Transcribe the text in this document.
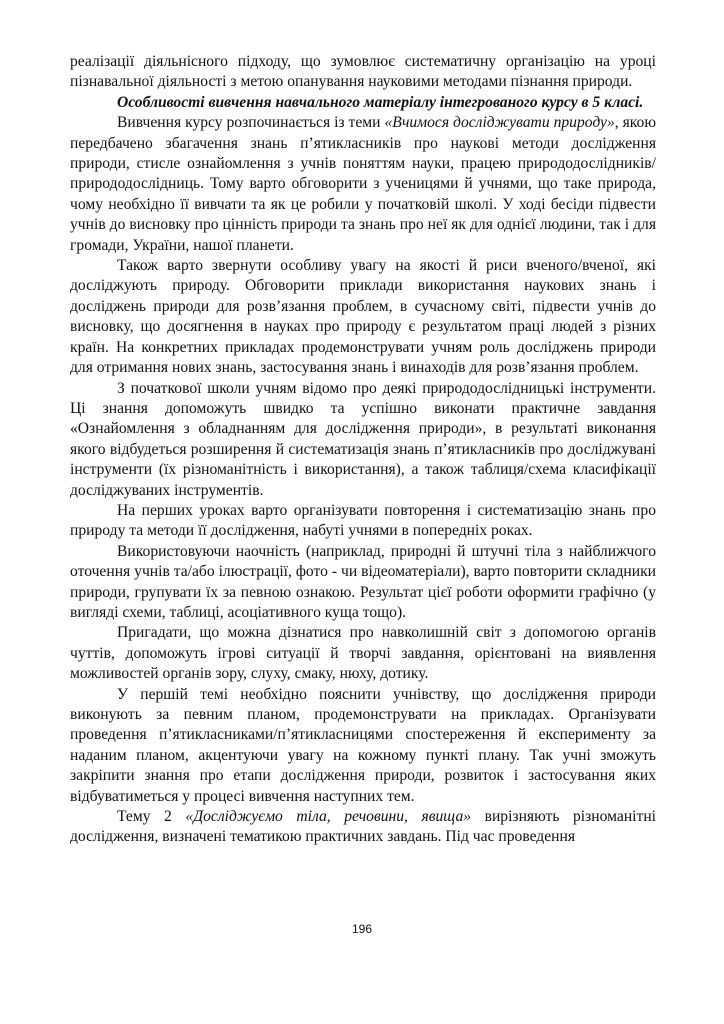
реалізації діяльнісного підходу, що зумовлює систематичну організацію на уроці пізнавальної діяльності з метою опанування науковими методами пізнання природи.

Особливості вивчення навчального матеріалу інтегрованого курсу в 5 класі.

Вивчення курсу розпочинається із теми «Вчимося досліджувати природу», якою передбачено збагачення знань п’ятикласників про наукові методи дослідження природи, стисле ознайомлення з учнів поняттям науки, працею природодослідників/природодослідниць. Тому варто обговорити з ученицями й учнями, що таке природа, чому необхідно її вивчати та як це робили у початковій школі. У ході бесіди підвести учнів до висновку про цінність природи та знань про неї як для однієї людини, так і для громади, України, нашої планети.

Також варто звернути особливу увагу на якості й риси вченого/вченої, які досліджують природу. Обговорити приклади використання наукових знань і досліджень природи для розв’язання проблем, в сучасному світі, підвести учнів до висновку, що досягнення в науках про природу є результатом праці людей з різних країн. На конкретних прикладах продемонструвати учням роль досліджень природи для отримання нових знань, застосування знань і винаходів для розв’язання проблем.

З початкової школи учням відомо про деякі природодослідницькі інструменти. Ці знання допоможуть швидко та успішно виконати практичне завдання «Ознайомлення з обладнанням для дослідження природи», в результаті виконання якого відбудеться розширення й систематизація знань п’ятикласників про досліджувані інструменти (їх різноманітність і використання), а також таблиця/схема класифікації досліджуваних інструментів.

На перших уроках варто організувати повторення і систематизацію знань про природу та методи її дослідження, набуті учнями в попередніх роках.

Використовуючи наочність (наприклад, природні й штучні тіла з найближчого оточення учнів та/або ілюстрації, фото - чи відеоматеріали), варто повторити складники природи, групувати їх за певною ознакою. Результат цієї роботи оформити графічно (у вигляді схеми, таблиці, асоціативного куща тощо).

Пригадати, що можна дізнатися про навколишній світ з допомогою органів чуттів, допоможуть ігрові ситуації й творчі завдання, орієнтовані на виявлення можливостей органів зору, слуху, смаку, нюху, дотику.

У першій темі необхідно пояснити учнівству, що дослідження природи виконують за певним планом, продемонструвати на прикладах. Організувати проведення п’ятикласниками/п’ятикласницями спостереження й експерименту за наданим планом, акцентуючи увагу на кожному пункті плану. Так учні зможуть закріпити знання про етапи дослідження природи, розвиток і застосування яких відбуватиметься у процесі вивчення наступних тем.

Тему 2 «Досліджуємо тіла, речовини, явища» вирізняють різноманітні дослідження, визначені тематикою практичних завдань. Під час проведення

196
